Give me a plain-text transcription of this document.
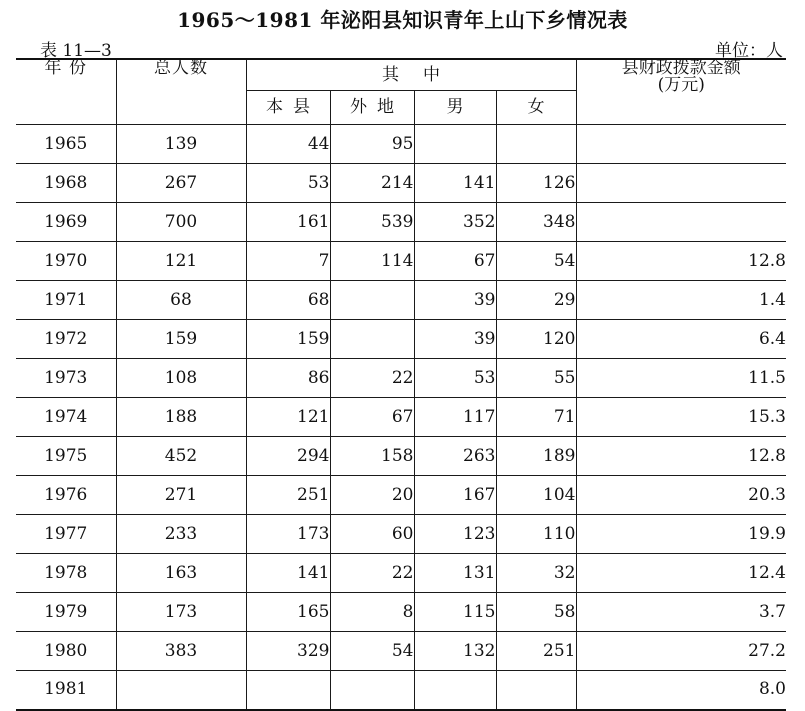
1965～1981 年泌阳县知识青年上山下乡情况表
表 11—3	单位：人
年 份	总人数	其中				县财政拨款金额
(万元)

		本县	外地	男	女	
1965	139	44	95			
1968	267	53	214	141	126	
1969	700	161	539	352	348	
1970	121	7	114	67	54	12.8
1971	68	68		39	29	1.4
1972	159	159		39	120	6.4
1973	108	86	22	53	55	11.5
1974	188	121	67	117	71	15.3
1975	452	294	158	263	189	12.8
1976	271	251	20	167	104	20.3
1977	233	173	60	123	110	19.9
1978	163	141	22	131	32	12.4
1979	173	165	8	115	58	3.7
1980	383	329	54	132	251	27.2
1981						8.0
